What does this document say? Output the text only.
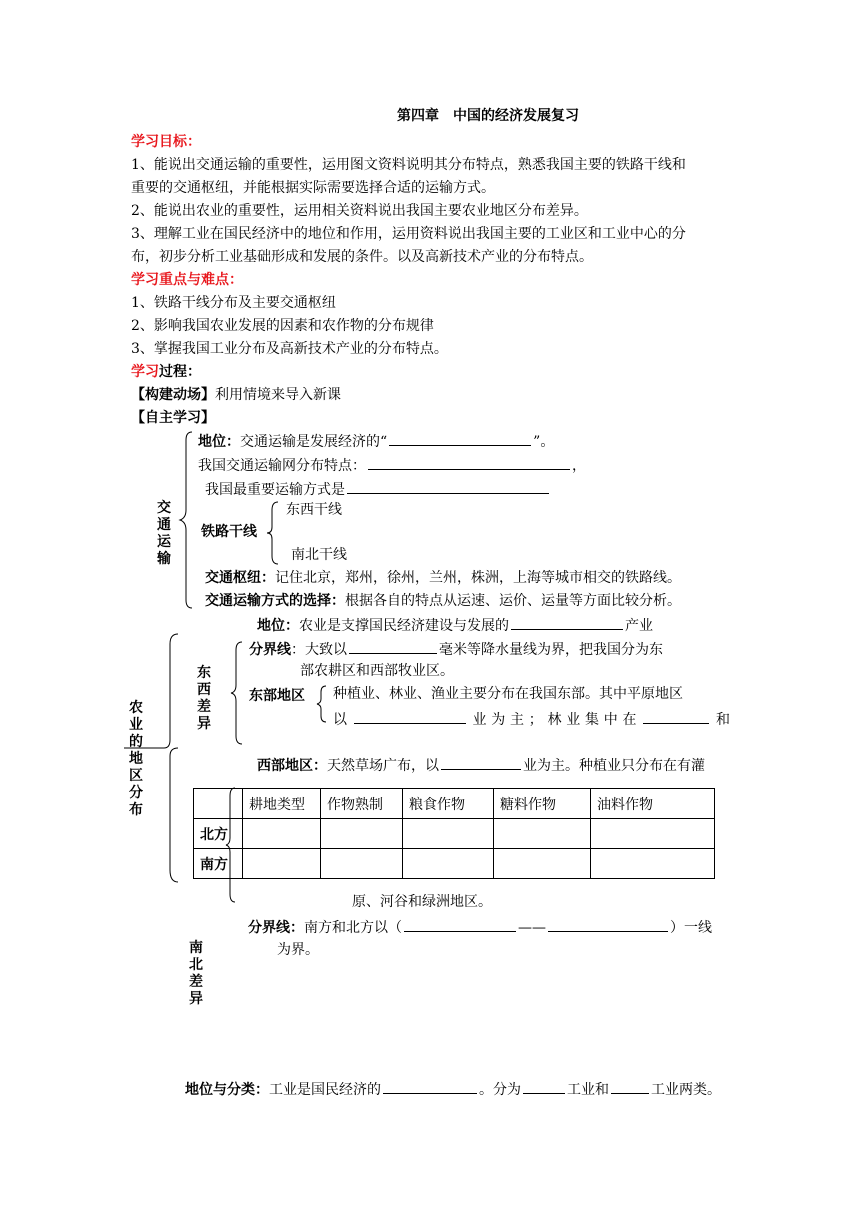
第四章　中国的经济发展复习
学习目标：
1、能说出交通运输的重要性，运用图文资料说明其分布特点，熟悉我国主要的铁路干线和
重要的交通枢纽，并能根据实际需要选择合适的运输方式。
2、能说出农业的重要性，运用相关资料说出我国主要农业地区分布差异。
3、理解工业在国民经济中的地位和作用，运用资料说出我国主要的工业区和工业中心的分
布，初步分析工业基础形成和发展的条件。以及高新技术产业的分布特点。
学习重点与难点：
1、铁路干线分布及主要交通枢纽
2、影响我国农业发展的因素和农作物的分布规律
3、掌握我国工业分布及高新技术产业的分布特点。
学习过程：
【构建动场】利用情境来导入新课
【自主学习】
交通运输
地位：交通运输是发展经济的“	”。
我国交通运输网分布特点：	，
我国最重要运输方式是
铁路干线
东西干线
南北干线
交通枢纽：记住北京，郑州，徐州，兰州，株洲，上海等城市相交的铁路线。
交通运输方式的选择：根据各自的特点从运速、运价、运量等方面比较分析。
地位：农业是支撑国民经济建设与发展的	产业
农业的地区分布
东西差异
分界线：大致以	毫米等降水量线为界，把我国分为东
部农耕区和西部牧业区。
东部地区 种植业、林业、渔业主要分布在我国东部。其中平原地区
以	业为主；林业集中在	和
西部地区：天然草场广布，以	业为主。种植业只分布在有灌
	耕地类型	作物熟制	粮食作物	糖料作物	油料作物
北方					
南方					
原、河谷和绿洲地区。
分界线：南方和北方以（	——	）一线
为界。
南北差异
地位与分类：工业是国民经济的	。分为	工业和	工业两类。
